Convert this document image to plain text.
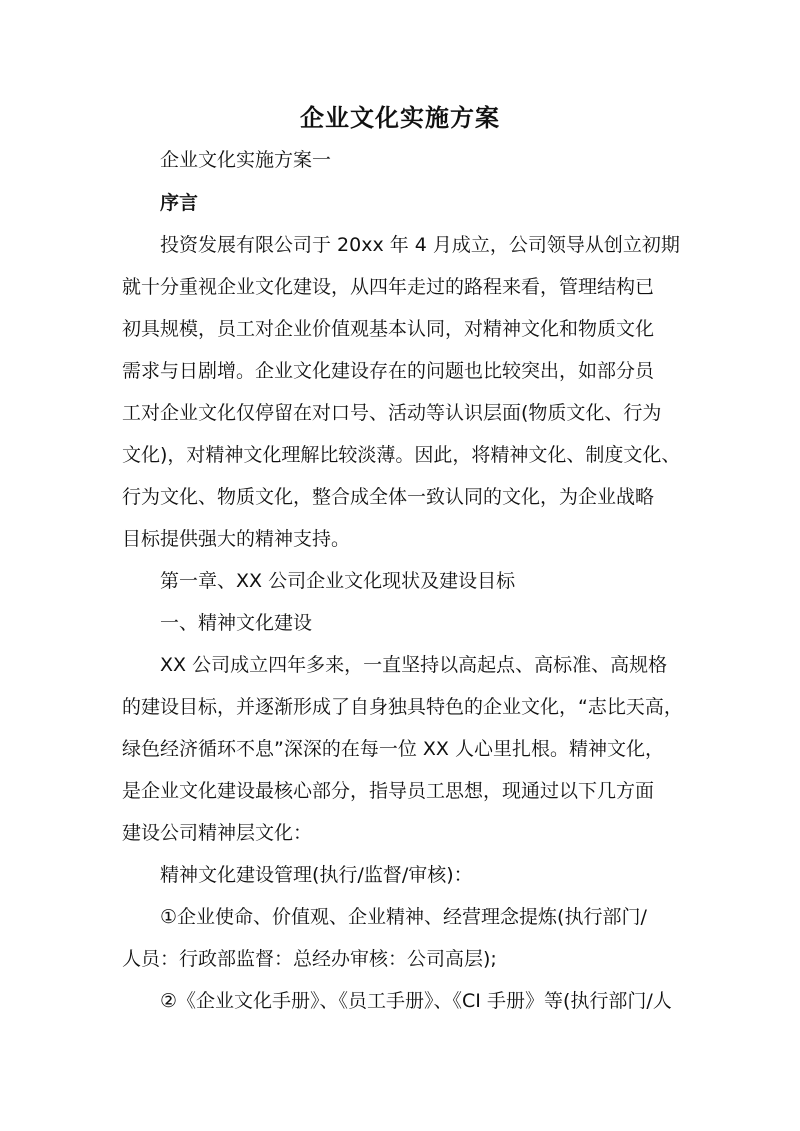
企业文化实施方案
企业文化实施方案一
序言
投资发展有限公司于 20xx 年 4 月成立，公司领导从创立初期
就十分重视企业文化建设，从四年走过的路程来看，管理结构已
初具规模，员工对企业价值观基本认同，对精神文化和物质文化
需求与日剧增。企业文化建设存在的问题也比较突出，如部分员
工对企业文化仅停留在对口号、活动等认识层面(物质文化、行为
文化)，对精神文化理解比较淡薄。因此，将精神文化、制度文化、
行为文化、物质文化，整合成全体一致认同的文化，为企业战略
目标提供强大的精神支持。
第一章、XX 公司企业文化现状及建设目标
一、精神文化建设
XX 公司成立四年多来，一直坚持以高起点、高标准、高规格
的建设目标，并逐渐形成了自身独具特色的企业文化，“志比天高，
绿色经济循环不息”深深的在每一位 XX 人心里扎根。精神文化，
是企业文化建设最核心部分，指导员工思想，现通过以下几方面
建设公司精神层文化：
精神文化建设管理(执行/监督/审核)：
①企业使命、价值观、企业精神、经营理念提炼(执行部门/
人员：行政部监督：总经办审核：公司高层);
②《企业文化手册》、《员工手册》、《CI 手册》等(执行部门/人
